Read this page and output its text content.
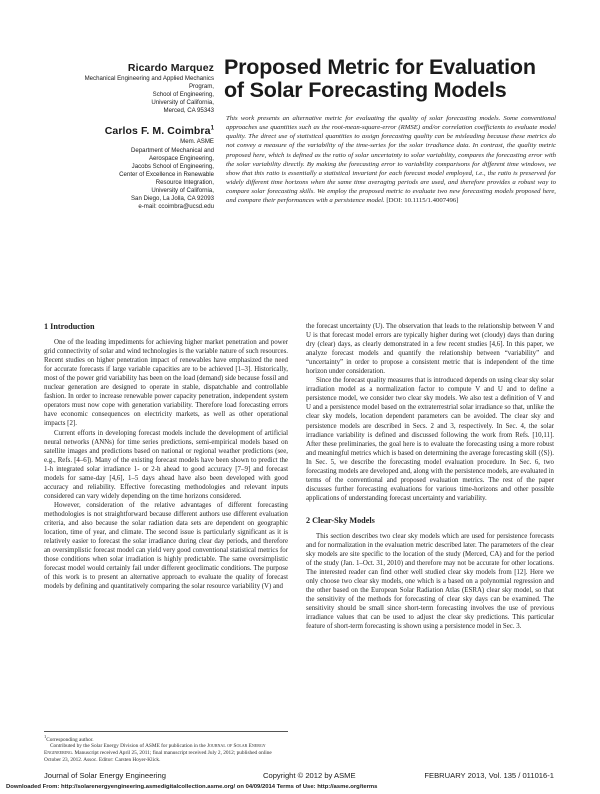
Ricardo Marquez
Mechanical Engineering and Applied Mechanics
Program,
School of Engineering,
University of California,
Merced, CA 95343
Carlos F. M. Coimbra$^1$
Mem. ASME
Department of Mechanical and
Aerospace Engineering,
Jacobs School of Engineering,
Center of Excellence in Renewable
Resource Integration,
University of California,
San Diego, La Jolla, CA 92093
e-mail: ccoimbra@ucsd.edu
Proposed Metric for Evaluation of Solar Forecasting Models
This work presents an alternative metric for evaluating the quality of solar forecasting models. Some conventional approaches use quantities such as the root-mean-square-error (RMSE) and/or correlation coefficients to evaluate model quality. The direct use of statistical quantities to assign forecasting quality can be misleading because these metrics do not convey a measure of the variability of the time-series for the solar irradiance data. In contrast, the quality metric proposed here, which is defined as the ratio of solar uncertainty to solar variability, compares the forecasting error with the solar variability directly. By making the forecasting error to variability comparisons for different time windows, we show that this ratio is essentially a statistical invariant for each forecast model employed, i.e., the ratio is preserved for widely different time horizons when the same time averaging periods are used, and therefore provides a robust way to compare solar forecasting skills. We employ the proposed metric to evaluate two new forecasting models proposed here, and compare their performances with a persistence model. [DOI: 10.1115/1.4007496]
1 Introduction

One of the leading impediments for achieving higher market penetration and power grid connectivity of solar and wind technologies is the variable nature of such resources. Recent studies on higher penetration impact of renewables have emphasized the need for accurate forecasts if large variable capacities are to be achieved [1–3]. Historically, most of the power grid variability has been on the load (demand) side because fossil and nuclear generation are designed to operate in stable, dispatchable and controllable fashion. In order to increase renewable power capacity penetration, independent system operators must now cope with generation variability. Therefore load forecasting errors have economic consequences on electricity markets, as well as other operational impacts [2].

Current efforts in developing forecast models include the development of artificial neural networks (ANNs) for time series predictions, semi-empirical models based on satellite images and predictions based on national or regional weather predictions (see, e.g., Refs. [4–6]). Many of the existing forecast models have been shown to predict the 1-h integrated solar irradiance 1- or 2-h ahead to good accuracy [7–9] and forecast models for same-day [4,6], 1–5 days ahead have also been developed with good accuracy and reliability. Effective forecasting methodologies and relevant inputs considered can vary widely depending on the time horizons considered.

However, consideration of the relative advantages of different forecasting methodologies is not straightforward because different authors use different evaluation criteria, and also because the solar radiation data sets are dependent on geographic location, time of year, and climate. The second issue is particularly significant as it is relatively easier to forecast the solar irradiance during clear day periods, and therefore an oversimplistic forecast model can yield very good conventional statistical metrics for those conditions when solar irradiation is highly predictable. The same oversimplistic forecast model would certainly fail under different geoclimatic conditions. The purpose of this work is to present an alternative approach to evaluate the quality of forecast models by defining and quantitatively comparing the solar resource variability (V) and

the forecast uncertainty (U). The observation that leads to the relationship between V and U is that forecast model errors are typically higher during wet (cloudy) days than during dry (clear) days, as clearly demonstrated in a few recent studies [4,6]. In this paper, we analyze forecast models and quantify the relationship between “variability” and “uncertainty” in order to propose a consistent metric that is independent of the time horizon under consideration.

Since the forecast quality measures that is introduced depends on using clear sky solar irradiation model as a normalization factor to compute V and U and to define a persistence model, we consider two clear sky models. We also test a definition of V and U and a persistence model based on the extraterrestrial solar irradiance so that, unlike the clear sky models, location dependent parameters can be avoided. The clear sky and persistence models are described in Secs. 2 and 3, respectively. In Sec. 4, the solar irradiance variability is defined and discussed following the work from Refs. [10,11]. After these preliminaries, the goal here is to evaluate the forecasting using a more robust and meaningful metrics which is based on determining the average forecasting skill (⟨S⟩). In Sec. 5, we describe the forecasting model evaluation procedure. In Sec. 6, two forecasting models are developed and, along with the persistence models, are evaluated in terms of the conventional and proposed evaluation metrics. The rest of the paper discusses further forecasting evaluations for various time-horizons and other possible applications of understanding forecast uncertainty and variability.

2 Clear-Sky Models

This section describes two clear sky models which are used for persistence forecasts and for normalization in the evaluation metric described later. The parameters of the clear sky models are site specific to the location of the study (Merced, CA) and for the period of the study (Jan. 1–Oct. 31, 2010) and therefore may not be accurate for other locations. The interested reader can find other well studied clear sky models from [12]. Here we only choose two clear sky models, one which is a based on a polynomial regression and the other based on the European Solar Radiation Atlas (ESRA) clear sky model, so that the sensitivity of the methods for forecasting of clear sky days can be examined. The sensitivity should be small since short-term forecasting involves the use of previous irradiance values that can be used to adjust the clear sky predictions. This particular feature of short-term forecasting is shown using a persistence model in Sec. 3.

$^1$Corresponding author.

Contributed by the Solar Energy Division of ASME for publication in the Journal of Solar Energy Engineering. Manuscript received April 25, 2011; final manuscript received July 2, 2012; published online October 23, 2012. Assoc. Editor: Carsten Hoyer-Klick.

Journal of Solar Energy Engineering	Copyright © 2012 by ASME	FEBRUARY 2013, Vol. 135 / 011016-1
Downloaded From: http://solarenergyengineering.asmedigitalcollection.asme.org/ on 04/09/2014 Terms of Use: http://asme.org/terms
